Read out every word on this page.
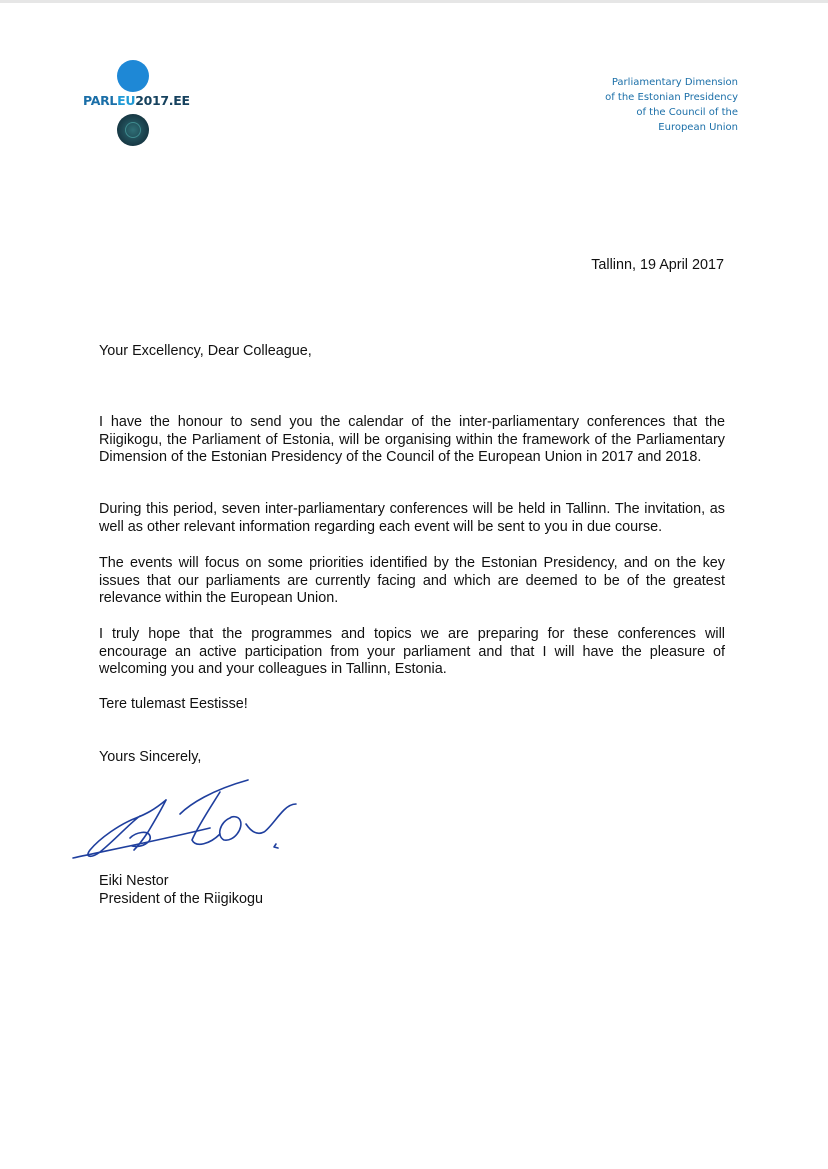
PARLEU2017.EE
Parliamentary Dimension
of the Estonian Presidency
of the Council of the
European Union
Tallinn, 19 April 2017
Your Excellency, Dear Colleague,
I have the honour to send you the calendar of the inter-parliamentary conferences that the Riigikogu, the Parliament of Estonia, will be organising within the framework of the Parliamentary Dimension of the Estonian Presidency of the Council of the European Union in 2017 and 2018.
During this period, seven inter-parliamentary conferences will be held in Tallinn. The invitation, as well as other relevant information regarding each event will be sent to you in due course.
The events will focus on some priorities identified by the Estonian Presidency, and on the key issues that our parliaments are currently facing and which are deemed to be of the greatest relevance within the European Union.
I truly hope that the programmes and topics we are preparing for these conferences will encourage an active participation from your parliament and that I will have the pleasure of welcoming you and your colleagues in Tallinn, Estonia.
Tere tulemast Eestisse!
Yours Sincerely,
Eiki Nestor
President of the Riigikogu
